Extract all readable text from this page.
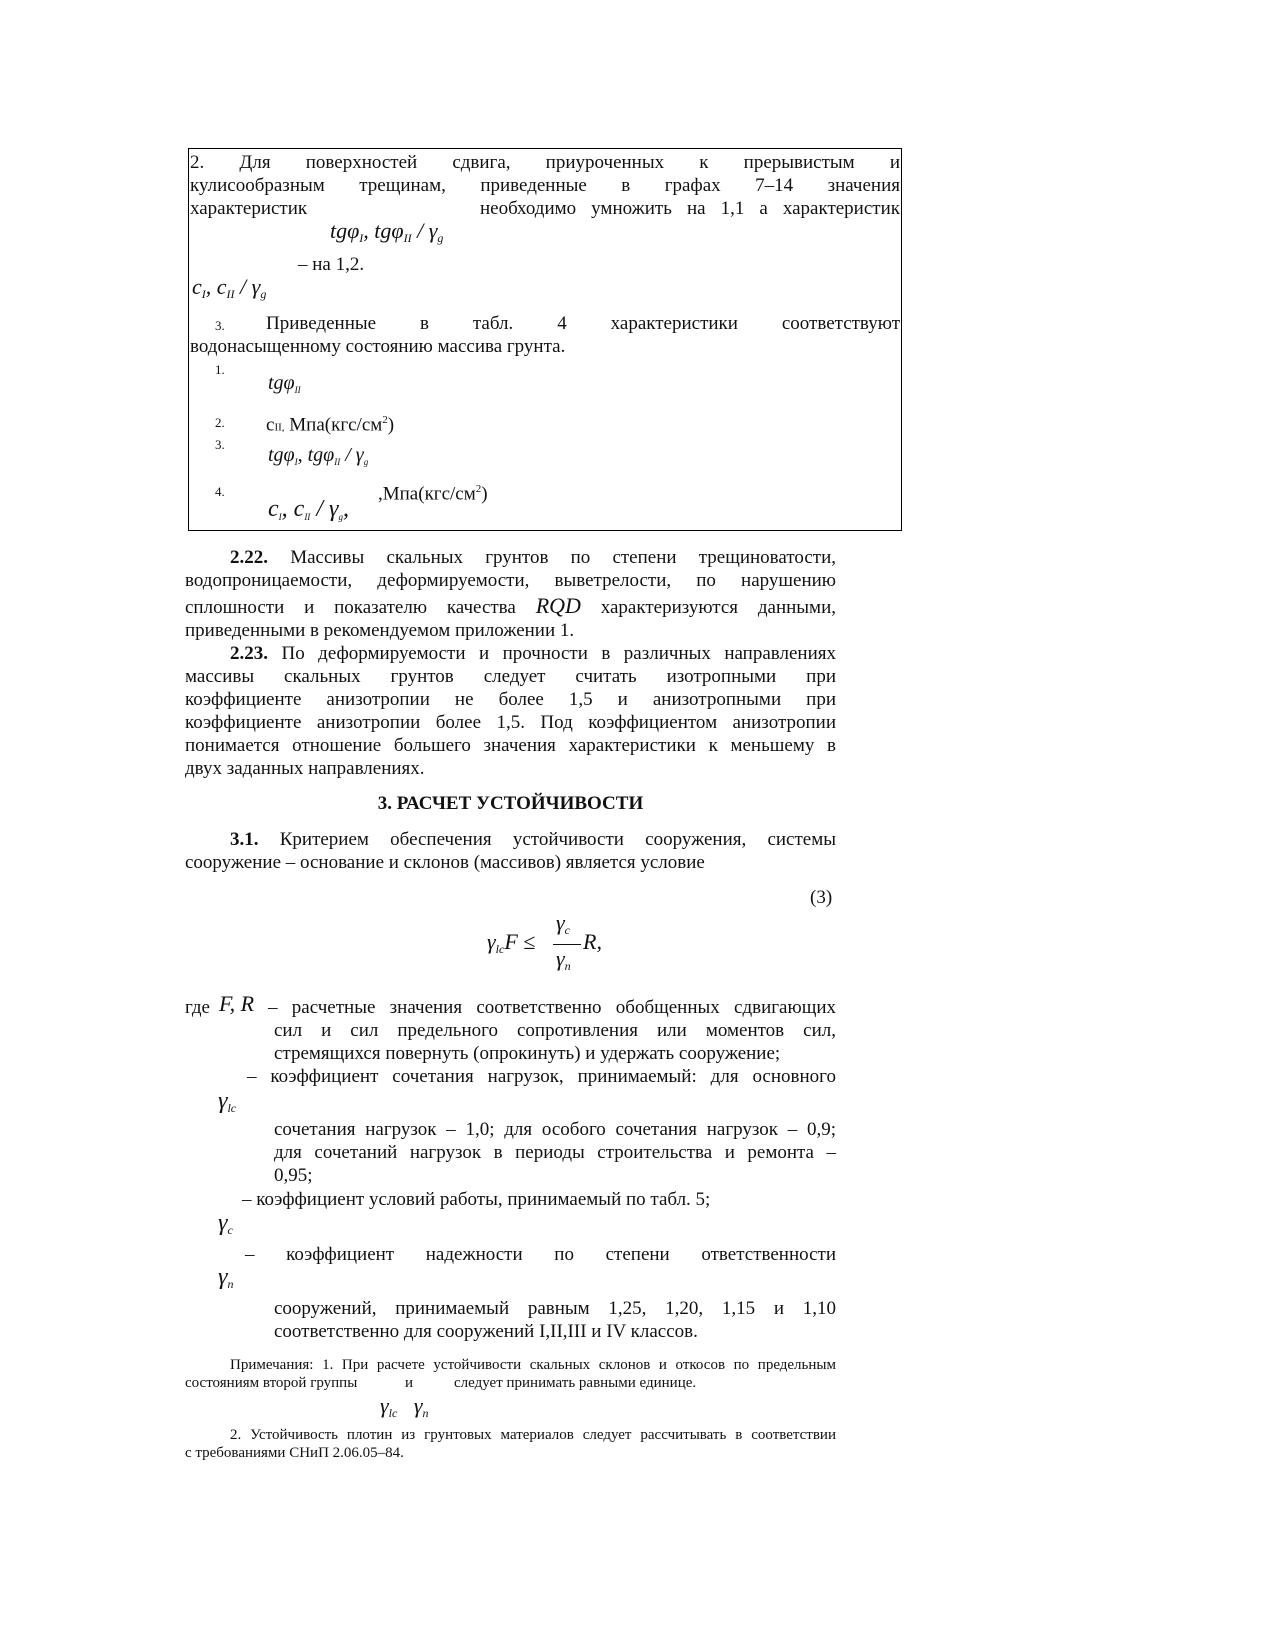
2. Для поверхностей сдвига, приуроченных к прерывистым и
кулисообразным трещинам, приведенные в графах 7–14 значения
характеристик	необходимо умножить на 1,1 а характеристик
tgφ$_I$, $tg\varphi_{II} / \gamma_g$
– на 1,2.
$c_I$, $c_{II} / \gamma_g$
3. Приведенные в табл. 4 характеристики соответствуют
водонасыщенному состоянию массива грунта.
1.
tgφ$_{II}$
2. cII, $Мпа(кгс/см^2)$
3. tgφ$_I$, $tg\varphi_{II} / \gamma_g$
4.	$,Мпа(кгс/см^2)$
cI, cII / γg,
2.22. Массивы скальных грунтов по степени трещиноватости,
водопроницаемости, деформируемости, выветрелости, по нарушению
сплошности и показателю качества RQD характеризуются данными,
приведенными в рекомендуемом приложении 1.
2.23. По деформируемости и прочности в различных направлениях
массивы скальных грунтов следует считать изотропными при
коэффициенте анизотропии не более 1,5 и анизотропными при
коэффициенте анизотропии более 1,5. Под коэффициентом анизотропии
понимается отношение большего значения характеристики к меньшему в
двух заданных направлениях.
3. РАСЧЕТ УСТОЙЧИВОСТИ
3.1. Критерием обеспечения устойчивости сооружения, системы
сооружение – основание и склонов (массивов) является условие
(3)
$\gamma_{lc}F$ ≤
$\gamma_c$
$\gamma_n$
R,
где F, R – расчетные значения соответственно обобщенных сдвигающих
сил и сил предельного сопротивления или моментов сил,
стремящихся повернуть (опрокинуть) и удержать сооружение;
– коэффициент сочетания нагрузок, принимаемый: для основного
$\gamma_{lc}$
сочетания нагрузок – 1,0; для особого сочетания нагрузок – 0,9;
для сочетаний нагрузок в периоды строительства и ремонта –
0,95;
– коэффициент условий работы, принимаемый по табл. 5;
$\gamma_c$
– коэффициент надежности по степени ответственности
$\gamma_n$
сооружений, принимаемый равным 1,25, 1,20, 1,15 и 1,10
соответственно для сооружений I,II,III и IV классов.
Примечания: 1. При расчете устойчивости скальных склонов и откосов по предельным
состояниям второй группы	и	следует принимать равными единице.
$\gamma_{lc}$   $\gamma_n$
2. Устойчивость плотин из грунтовых материалов следует рассчитывать в соответствии
с требованиями СНиП 2.06.05–84.
